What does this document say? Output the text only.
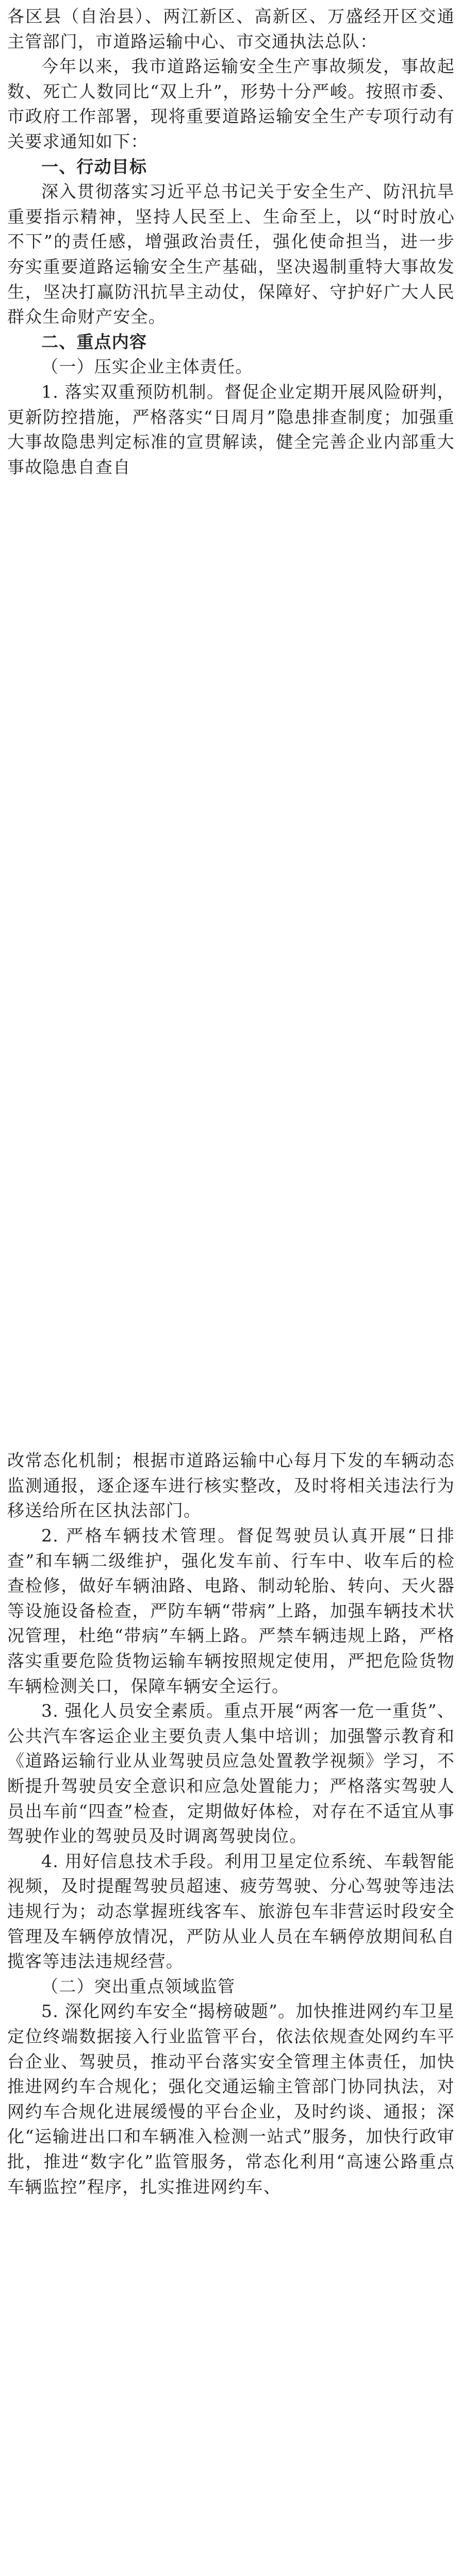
各区县（自治县）、两江新区、高新区、万盛经开区交通主管部门，市道路运输中心、市交通执法总队：

今年以来，我市道路运输安全生产事故频发，事故起数、死亡人数同比“双上升”，形势十分严峻。按照市委、市政府工作部署，现将重要道路运输安全生产专项行动有关要求通知如下：

一、行动目标

深入贯彻落实习近平总书记关于安全生产、防汛抗旱重要指示精神，坚持人民至上、生命至上，以“时时放心不下”的责任感，增强政治责任，强化使命担当，进一步夯实重要道路运输安全生产基础，坚决遏制重特大事故发生，坚决打赢防汛抗旱主动仗，保障好、守护好广大人民群众生命财产安全。

二、重点内容

（一）压实企业主体责任。

1. 落实双重预防机制。督促企业定期开展风险研判，更新防控措施，严格落实“日周月”隐患排查制度；加强重大事故隐患判定标准的宣贯解读，健全完善企业内部重大事故隐患自查自

改常态化机制；根据市道路运输中心每月下发的车辆动态监测通报，逐企逐车进行核实整改，及时将相关违法行为移送给所在区执法部门。

2. 严格车辆技术管理。督促驾驶员认真开展“日排查”和车辆二级维护，强化发车前、行车中、收车后的检查检修，做好车辆油路、电路、制动轮胎、转向、天火器等设施设备检查，严防车辆“带病”上路，加强车辆技术状况管理，杜绝“带病”车辆上路。严禁车辆违规上路，严格落实重要危险货物运输车辆按照规定使用，严把危险货物车辆检测关口，保障车辆安全运行。

3. 强化人员安全素质。重点开展“两客一危一重货”、公共汽车客运企业主要负责人集中培训；加强警示教育和《道路运输行业从业驾驶员应急处置教学视频》学习，不断提升驾驶员安全意识和应急处置能力；严格落实驾驶人员出车前“四查”检查，定期做好体检，对存在不适宜从事驾驶作业的驾驶员及时调离驾驶岗位。

4. 用好信息技术手段。利用卫星定位系统、车载智能视频，及时提醒驾驶员超速、疲劳驾驶、分心驾驶等违法违规行为；动态掌握班线客车、旅游包车非营运时段安全管理及车辆停放情况，严防从业人员在车辆停放期间私自揽客等违法违规经营。

（二）突出重点领域监管

5. 深化网约车安全“揭榜破题”。加快推进网约车卫星定位终端数据接入行业监管平台，依法依规查处网约车平台企业、驾驶员，推动平台落实安全管理主体责任，加快推进网约车合规化；强化交通运输主管部门协同执法，对网约车合规化进展缓慢的平台企业，及时约谈、通报；深化“运输进出口和车辆准入检测一站式”服务，加快行政审批，推进“数字化”监管服务，常态化利用“高速公路重点车辆监控”程序，扎实推进网约车、
